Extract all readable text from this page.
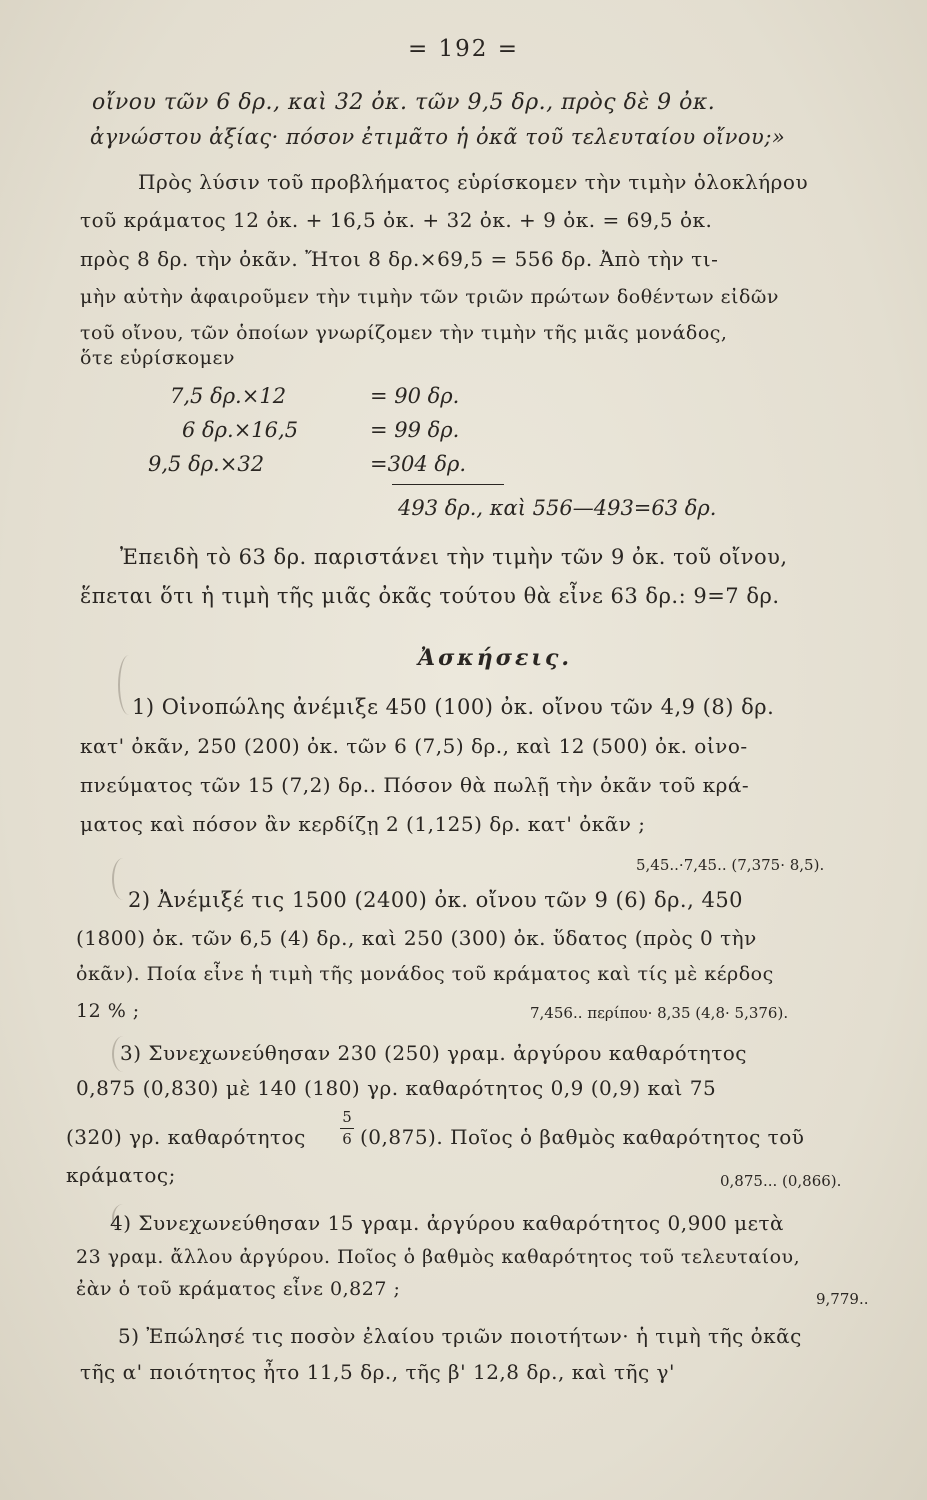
= 192 =
οἴνου τῶν 6 δρ., καὶ 32 ὀκ. τῶν 9,5 δρ., πρὸς δὲ 9 ὀκ.
ἀγνώστου ἀξίας· πόσον ἐτιμᾶτο ἡ ὀκᾶ τοῦ τελευταίου οἴνου;»
Πρὸς λύσιν τοῦ προβλήματος εὑρίσκομεν τὴν τιμὴν ὁλοκλήρου
τοῦ κράματος 12 ὀκ. + 16,5 ὀκ. + 32 ὀκ. + 9 ὀκ. = 69,5 ὀκ.
πρὸς 8 δρ. τὴν ὀκᾶν. Ἤτοι 8 δρ.×69,5 = 556 δρ. Ἀπὸ τὴν τι-
μὴν αὐτὴν ἀφαιροῦμεν τὴν τιμὴν τῶν τριῶν πρώτων δοθέντων εἰδῶν
τοῦ οἴνου, τῶν ὁποίων γνωρίζομεν τὴν τιμὴν τῆς μιᾶς μονάδος,
ὅτε εὑρίσκομεν
7,5 δρ.×12	= 90 δρ.
6 δρ.×16,5	= 99 δρ.
9,5 δρ.×32	=304 δρ.
493 δρ., καὶ 556—493=63 δρ.
Ἐπειδὴ τὸ 63 δρ. παριστάνει τὴν τιμὴν τῶν 9 ὀκ. τοῦ οἴνου,
ἕπεται ὅτι ἡ τιμὴ τῆς μιᾶς ὀκᾶς τούτου θὰ εἶνε 63 δρ.: 9=7 δρ.
Ἀσκήσεις.
1) Οἰνοπώλης ἀνέμιξε 450 (100) ὀκ. οἴνου τῶν 4,9 (8) δρ.
κατ' ὀκᾶν, 250 (200) ὀκ. τῶν 6 (7,5) δρ., καὶ 12 (500) ὀκ. οἰνο-
πνεύματος τῶν 15 (7,2) δρ.. Πόσον θὰ πωλῇ τὴν ὀκᾶν τοῦ κρά-
ματος καὶ πόσον ἂν κερδίζῃ 2 (1,125) δρ. κατ' ὀκᾶν ;
5,45..·7,45.. (7,375· 8,5).
2) Ἀνέμιξέ τις 1500 (2400) ὀκ. οἴνου τῶν 9 (6) δρ., 450
(1800) ὀκ. τῶν 6,5 (4) δρ., καὶ 250 (300) ὀκ. ὕδατος (πρὸς 0 τὴν
ὀκᾶν). Ποία εἶνε ἡ τιμὴ τῆς μονάδος τοῦ κράματος καὶ τίς μὲ κέρδος
12 % ;	7,456.. περίπου· 8,35 (4,8· 5,376).
3) Συνεχωνεύθησαν 230 (250) γραμ. ἀργύρου καθαρότητος
0,875 (0,830) μὲ 140 (180) γρ. καθαρότητος 0,9 (0,9) καὶ 75
(320) γρ. καθαρότητος
5
6 (0,875). Ποῖος ὁ βαθμὸς καθαρότητος τοῦ
κράματος;	0,875... (0,866).
4) Συνεχωνεύθησαν 15 γραμ. ἀργύρου καθαρότητος 0,900 μετὰ
23 γραμ. ἄλλου ἀργύρου. Ποῖος ὁ βαθμὸς καθαρότητος τοῦ τελευταίου,
ἐὰν ὁ τοῦ κράματος εἶνε 0,827 ;	9,779..
5) Ἐπώλησέ τις ποσὸν ἐλαίου τριῶν ποιοτήτων· ἡ τιμὴ τῆς ὀκᾶς
τῆς α' ποιότητος ἦτο 11,5 δρ., τῆς β' 12,8 δρ., καὶ τῆς γ'
